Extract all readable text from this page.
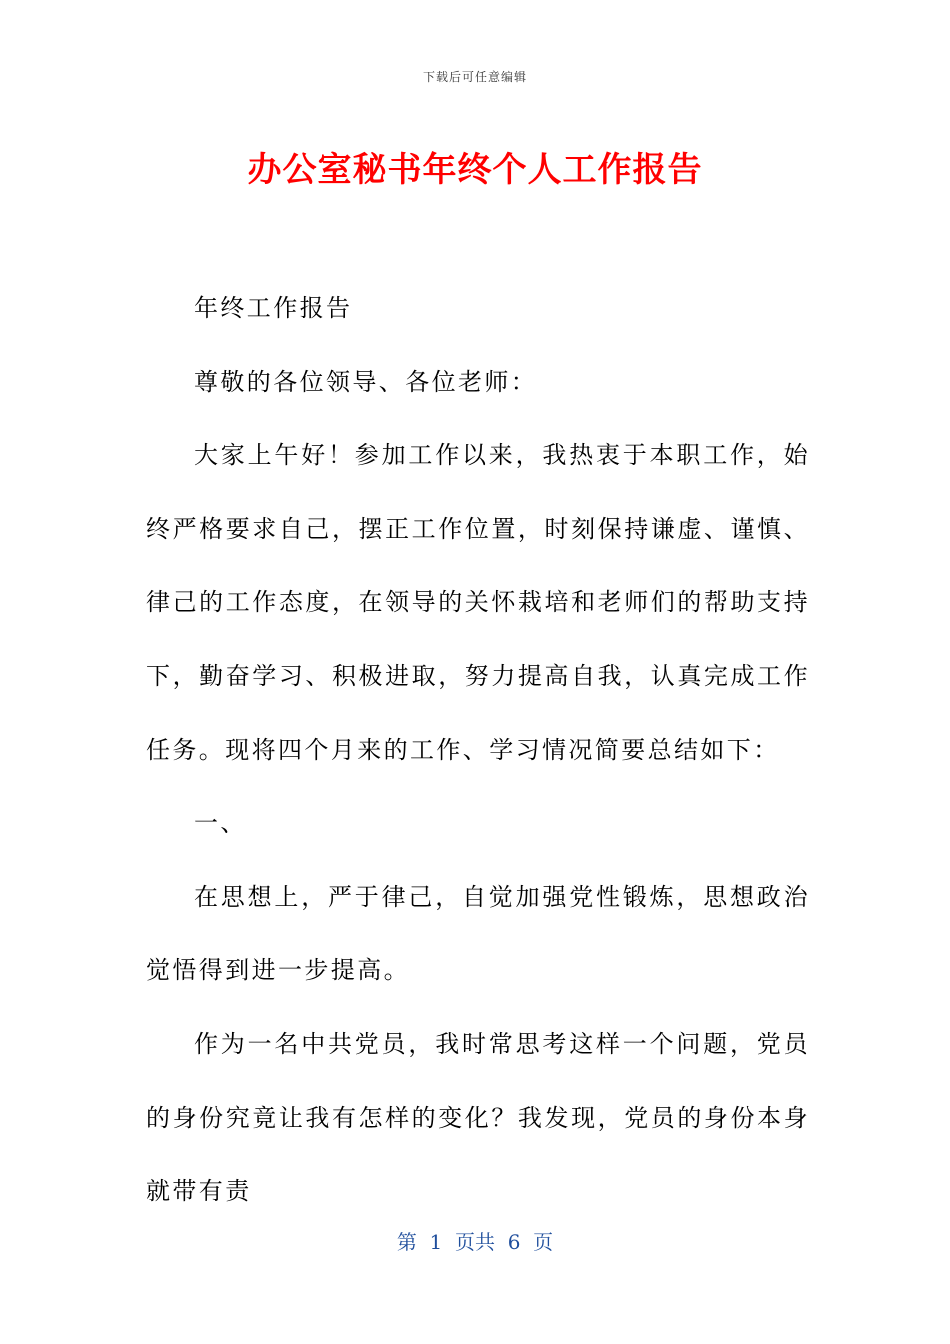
下载后可任意编辑
办公室秘书年终个人工作报告

年终工作报告

尊敬的各位领导、各位老师：

大家上午好！参加工作以来，我热衷于本职工作，始终严格要求自己，摆正工作位置，时刻保持谦虚、谨慎、律己的工作态度，在领导的关怀栽培和老师们的帮助支持下，勤奋学习、积极进取，努力提高自我，认真完成工作任务。现将四个月来的工作、学习情况简要总结如下：

一、

在思想上，严于律己，自觉加强党性锻炼，思想政治觉悟得到进一步提高。

作为一名中共党员，我时常思考这样一个问题，党员的身份究竟让我有怎样的变化？我发现，党员的身份本身就带有责

第  1  页共  6  页
